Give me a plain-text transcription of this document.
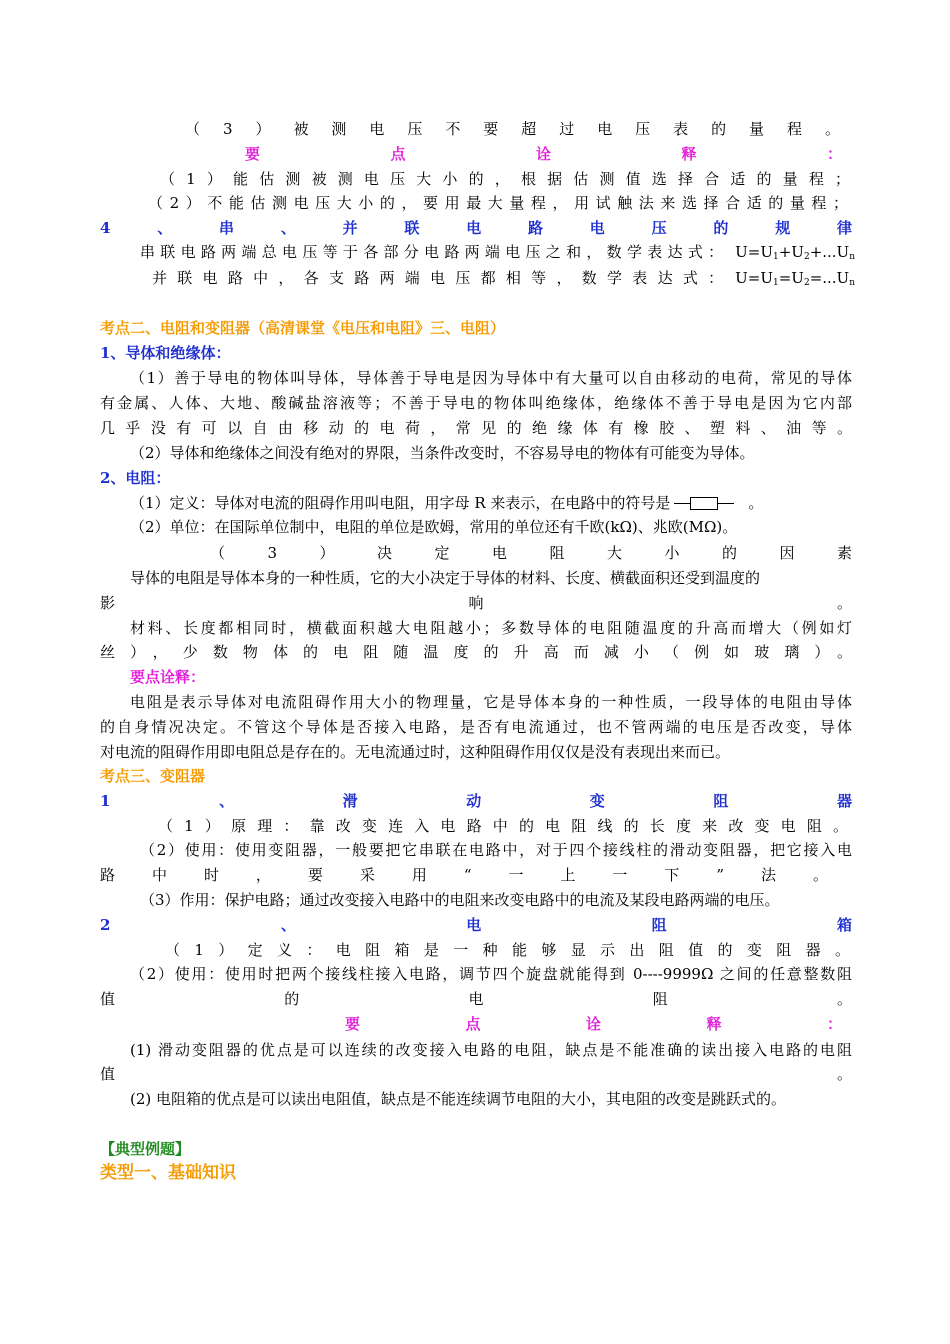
（3）被测电压不要超过电压表的量程。
要点诠释：
（1）能估测被测电压大小的，根据估测值选择合适的量程；
（2）不能估测电压大小的，要用最大量程，用试触法来选择合适的量程；
4、串、并联电路电压的规律
串联电路两端总电压等于各部分电路两端电压之和，数学表达式： $U=U_1+U_2+...U_n$
并联电路中，各支路两端电压都相等，数学表达式： $U=U_1=U_2=...U_n$
考点二、电阻和变阻器（高清课堂《电压和电阻》三、电阻）
1、导体和绝缘体：
（1）善于导电的物体叫导体，导体善于导电是因为导体中有大量可以自由移动的电荷，常见的导体
有金属、人体、大地、酸碱盐溶液等；不善于导电的物体叫绝缘体，绝缘体不善于导电是因为它内部
几乎没有可以自由移动的电荷，常见的绝缘体有橡胶、塑料、油等。
（2）导体和绝缘体之间没有绝对的界限，当条件改变时，不容易导电的物体有可能变为导体。
2、电阻：
（1）定义：导体对电流的阻碍作用叫电阻，用字母 R 来表示，在电路中的符号是	。
（2）单位：在国际单位制中，电阻的单位是欧姆，常用的单位还有千欧(kΩ)、兆欧(MΩ)。
（3）决定电阻大小的因素
导体的电阻是导体本身的一种性质，它的大小决定于导体的材料、长度、横截面积还受到温度的
影响。
材料、长度都相同时，横截面积越大电阻越小；多数导体的电阻随温度的升高而增大（例如灯
丝），少数物体的电阻随温度的升高而减小（例如玻璃）。
要点诠释：
电阻是表示导体对电流阻碍作用大小的物理量，它是导体本身的一种性质，一段导体的电阻由导体
的自身情况决定。不管这个导体是否接入电路，是否有电流通过，也不管两端的电压是否改变，导体
对电流的阻碍作用即电阻总是存在的。无电流通过时，这种阻碍作用仅仅是没有表现出来而已。
考点三、变阻器
1、滑动变阻器
（1）原理：靠改变连入电路中的电阻线的长度来改变电阻。
（2）使用：使用变阻器，一般要把它串联在电路中，对于四个接线柱的滑动变阻器，把它接入电
路中时，要采用“一上一下”法。
（3）作用：保护电路；通过改变接入电路中的电阻来改变电路中的电流及某段电路两端的电压。
2、电阻箱
（1）定义：电阻箱是一种能够显示出阻值的变阻器。
（2）使用：使用时把两个接线柱接入电路，调节四个旋盘就能得到 0----9999Ω 之间的任意整数阻
值的电阻。
要点诠释：
(1) 滑动变阻器的优点是可以连续的改变接入电路的电阻，缺点是不能准确的读出接入电路的电阻
值。
(2) 电阻箱的优点是可以读出电阻值，缺点是不能连续调节电阻的大小，其电阻的改变是跳跃式的。
【典型例题】
类型一、基础知识
